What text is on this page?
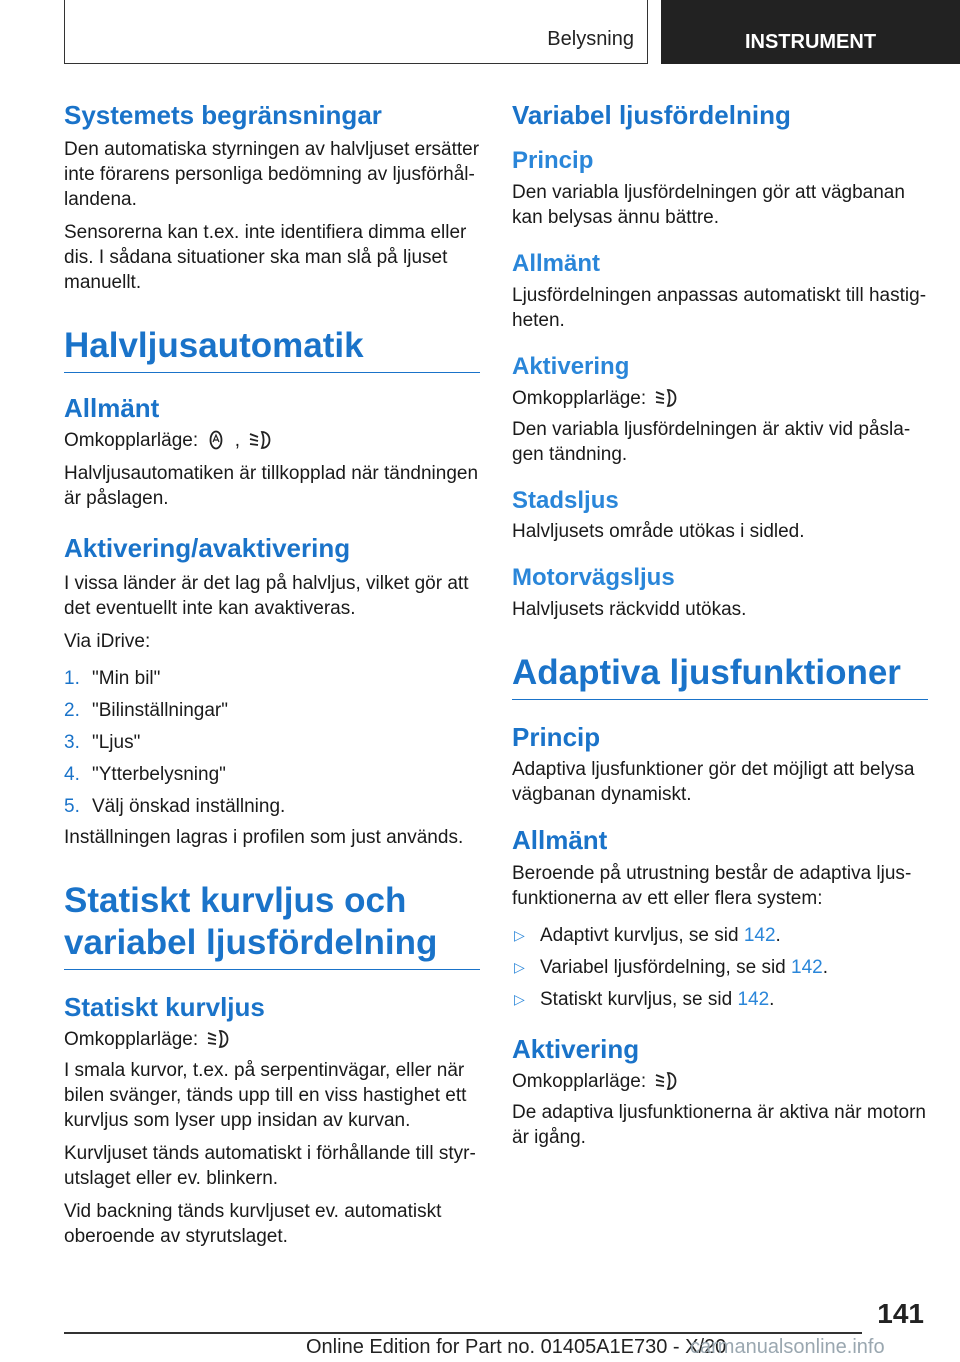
Belysning	INSTRUMENT
Systemets begränsningar

Den automatiska styrningen av halvljuset ersätter inte förarens personliga bedömning av ljusförhållandena.

Sensorerna kan t.ex. inte identifiera dimma eller dis. I sådana situationer ska man slå på ljuset manuellt.

Halvljusautomatik
Allmänt

Omkopplarläge: ,

Halvljusautomatiken är tillkopplad när tändningen är påslagen.

Aktivering/avaktivering

I vissa länder är det lag på halvljus, vilket gör att det eventuellt inte kan avaktiveras.

Via iDrive:

1. "Min bil"
2. "Bilinställningar"
3. "Ljus"
4. "Ytterbelysning"
5. Välj önskad inställning.

Inställningen lagras i profilen som just används.

Statiskt kurvljus och
variabel ljusfördelning
Statiskt kurvljus

Omkopplarläge:

I smala kurvor, t.ex. på serpentinvägar, eller när bilen svänger, tänds upp till en viss hastighet ett kurvljus som lyser upp insidan av kurvan.

Kurvljuset tänds automatiskt i förhållande till styrutslaget eller ev. blinkern.

Vid backning tänds kurvljuset ev. automatiskt oberoende av styrutslaget.

Variabel ljusfördelning
Princip

Den variabla ljusfördelningen gör att vägbanan kan belysas ännu bättre.

Allmänt

Ljusfördelningen anpassas automatiskt till hastigheten.

Aktivering

Omkopplarläge:

Den variabla ljusfördelningen är aktiv vid påslagen tändning.

Stadsljus

Halvljusets område utökas i sidled.

Motorvägsljus

Halvljusets räckvidd utökas.

Adaptiva ljusfunktioner
Princip

Adaptiva ljusfunktioner gör det möjligt att belysa vägbanan dynamiskt.

Allmänt

Beroende på utrustning består de adaptiva ljusfunktionerna av ett eller flera system:

▷ Adaptivt kurvljus, se sid 142.
▷ Variabel ljusfördelning, se sid 142.
▷ Statiskt kurvljus, se sid 142.
Aktivering

Omkopplarläge:

De adaptiva ljusfunktionerna är aktiva när motorn är igång.

141
Online Edition for Part no. 01405A1E730 - X/20
carmanualsonline.info
